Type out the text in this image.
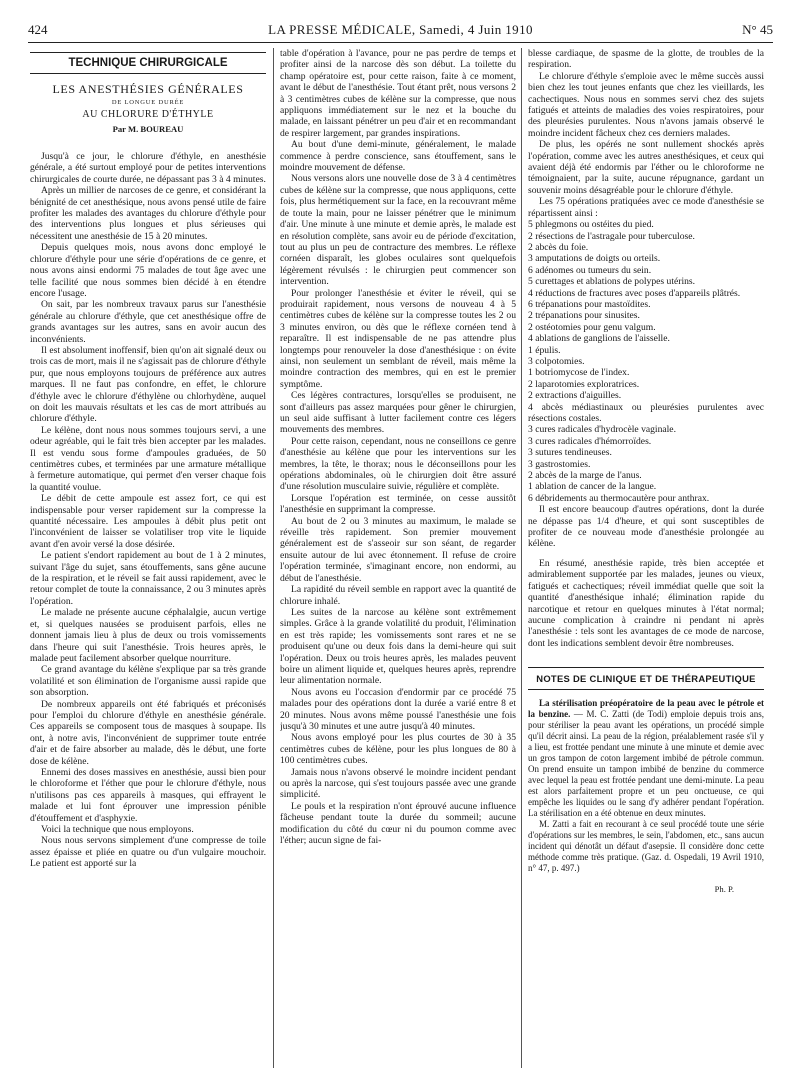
424	LA PRESSE MÉDICALE, Samedi, 4 Juin 1910	N° 45
TECHNIQUE CHIRURGICALE
LES ANESTHÉSIES GÉNÉRALES
DE LONGUE DURÉE
AU CHLORURE D'ÉTHYLE
Par M. BOUREAU

Jusqu'à ce jour, le chlorure d'éthyle, en anesthésie générale, a été surtout employé pour de petites interventions chirurgicales de courte durée, ne dépassant pas 3 à 4 minutes.

Après un millier de narcoses de ce genre, et considérant la bénignité de cet anesthésique, nous avons pensé utile de faire profiter les malades des avantages du chlorure d'éthyle pour des interventions plus longues et plus sérieuses qui nécessitent une anesthésie de 15 à 20 minutes.

Depuis quelques mois, nous avons donc employé le chlorure d'éthyle pour une série d'opérations de ce genre, et nous avons ainsi endormi 75 malades de tout âge avec une telle facilité que nous sommes bien décidé à en étendre encore l'usage.

On sait, par les nombreux travaux parus sur l'anesthésie générale au chlorure d'éthyle, que cet anesthésique offre de grands avantages sur les autres, sans en avoir aucun des inconvénients.

Il est absolument inoffensif, bien qu'on ait signalé deux ou trois cas de mort, mais il ne s'agissait pas de chlorure d'éthyle pur, que nous employons toujours de préférence aux autres marques. Il ne faut pas confondre, en effet, le chlorure d'éthyle avec le chlorure d'éthylène ou chlorhydène, auquel on doit les mauvais résultats et les cas de mort attribués au chlorure d'éthyle.

Le kélène, dont nous nous sommes toujours servi, a une odeur agréable, qui le fait très bien accepter par les malades. Il est vendu sous forme d'ampoules graduées, de 50 centimètres cubes, et terminées par une armature métallique à fermeture automatique, qui permet d'en verser chaque fois la quantité voulue.

Le débit de cette ampoule est assez fort, ce qui est indispensable pour verser rapidement sur la compresse la quantité nécessaire. Les ampoules à débit plus petit ont l'inconvénient de laisser se volatiliser trop vite le liquide avant d'en avoir versé la dose désirée.

Le patient s'endort rapidement au bout de 1 à 2 minutes, suivant l'âge du sujet, sans étouffements, sans gêne aucune de la respiration, et le réveil se fait aussi rapidement, avec le retour complet de toute la connaissance, 2 ou 3 minutes après l'opération.

Le malade ne présente aucune céphalalgie, aucun vertige et, si quelques nausées se produisent parfois, elles ne donnent jamais lieu à plus de deux ou trois vomissements dans l'heure qui suit l'anesthésie. Trois heures après, le malade peut facilement absorber quelque nourriture.

Ce grand avantage du kélène s'explique par sa très grande volatilité et son élimination de l'organisme aussi rapide que son absorption.

De nombreux appareils ont été fabriqués et préconisés pour l'emploi du chlorure d'éthyle en anesthésie générale. Ces appareils se composent tous de masques à soupape. Ils ont, à notre avis, l'inconvénient de supprimer toute entrée d'air et de faire absorber au malade, dès le début, une forte dose de kélène.

Ennemi des doses massives en anesthésie, aussi bien pour le chloroforme et l'éther que pour le chlorure d'éthyle, nous n'utilisons pas ces appareils à masques, qui effrayent le malade et lui font éprouver une impression pénible d'étouffement et d'asphyxie.

Voici la technique que nous employons.

Nous nous servons simplement d'une compresse de toile assez épaisse et pliée en quatre ou d'un vulgaire mouchoir. Le patient est apporté sur la

table d'opération à l'avance, pour ne pas perdre de temps et profiter ainsi de la narcose dès son début. La toilette du champ opératoire est, pour cette raison, faite à ce moment, avant le début de l'anesthésie. Tout étant prêt, nous versons 2 à 3 centimètres cubes de kélène sur la compresse, que nous appliquons immédiatement sur le nez et la bouche du malade, en laissant pénétrer un peu d'air et en recommandant de respirer largement, par grandes inspirations.

Au bout d'une demi-minute, généralement, le malade commence à perdre conscience, sans étouffement, sans le moindre mouvement de défense.

Nous versons alors une nouvelle dose de 3 à 4 centimètres cubes de kélène sur la compresse, que nous appliquons, cette fois, plus hermétiquement sur la face, en la recouvrant même de toute la main, pour ne laisser pénétrer que le minimum d'air. Une minute à une minute et demie après, le malade est en résolution complète, sans avoir eu de période d'excitation, tout au plus un peu de contracture des membres. Le réflexe cornéen disparaît, les globes oculaires sont quelquefois légèrement révulsés : le chirurgien peut commencer son intervention.

Pour prolonger l'anesthésie et éviter le réveil, qui se produirait rapidement, nous versons de nouveau 4 à 5 centimètres cubes de kélène sur la compresse toutes les 2 ou 3 minutes environ, ou dès que le réflexe cornéen tend à reparaître. Il est indispensable de ne pas attendre plus longtemps pour renouveler la dose d'anesthésique : on évite ainsi, non seulement un semblant de réveil, mais même la moindre contraction des membres, qui en est le premier symptôme.

Ces légères contractures, lorsqu'elles se produisent, ne sont d'ailleurs pas assez marquées pour gêner le chirurgien, un seul aide suffisant à lutter facilement contre ces légers mouvements des membres.

Pour cette raison, cependant, nous ne conseillons ce genre d'anesthésie au kélène que pour les interventions sur les membres, la tête, le thorax; nous le déconseillons pour les opérations abdominales, où le chirurgien doit être assuré d'une résolution musculaire suivie, régulière et complète.

Lorsque l'opération est terminée, on cesse aussitôt l'anesthésie en supprimant la compresse.

Au bout de 2 ou 3 minutes au maximum, le malade se réveille très rapidement. Son premier mouvement généralement est de s'asseoir sur son séant, de regarder ensuite autour de lui avec étonnement. Il refuse de croire l'opération terminée, s'imaginant encore, non endormi, au début de l'anesthésie.

La rapidité du réveil semble en rapport avec la quantité de chlorure inhalé.

Les suites de la narcose au kélène sont extrêmement simples. Grâce à la grande volatilité du produit, l'élimination en est très rapide; les vomissements sont rares et ne se produisent qu'une ou deux fois dans la demi-heure qui suit l'opération. Deux ou trois heures après, les malades peuvent boire un aliment liquide et, quelques heures après, reprendre leur alimentation normale.

Nous avons eu l'occasion d'endormir par ce procédé 75 malades pour des opérations dont la durée a varié entre 8 et 20 minutes. Nous avons même poussé l'anesthésie une fois jusqu'à 30 minutes et une autre jusqu'à 40 minutes.

Nous avons employé pour les plus courtes de 30 à 35 centimètres cubes de kélène, pour les plus longues de 80 à 100 centimètres cubes.

Jamais nous n'avons observé le moindre incident pendant ou après la narcose, qui s'est toujours passée avec une grande simplicité.

Le pouls et la respiration n'ont éprouvé aucune influence fâcheuse pendant toute la durée du sommeil; aucune modification du côté du cœur ni du poumon comme avec l'éther; aucun signe de fai-

blesse cardiaque, de spasme de la glotte, de troubles de la respiration.

Le chlorure d'éthyle s'emploie avec le même succès aussi bien chez les tout jeunes enfants que chez les vieillards, les cachectiques. Nous nous en sommes servi chez des sujets fatigués et atteints de maladies des voies respiratoires, pour des pleurésies purulentes. Nous n'avons jamais observé le moindre incident fâcheux chez ces derniers malades.

De plus, les opérés ne sont nullement shockés après l'opération, comme avec les autres anesthésiques, et ceux qui avaient déjà été endormis par l'éther ou le chloroforme ne témoignaient, par la suite, aucune répugnance, gardant un souvenir moins désagréable pour le chlorure d'éthyle.

Les 75 opérations pratiquées avec ce mode d'anesthésie se répartissent ainsi :

5 phlegmons ou ostéites du pied.

2 résections de l'astragale pour tuberculose.

2 abcès du foie.

3 amputations de doigts ou orteils.

6 adénomes ou tumeurs du sein.

5 curettages et ablations de polypes utérins.

4 réductions de fractures avec poses d'appareils plâtrés.

6 trépanations pour mastoïdites.

2 trépanations pour sinusites.

2 ostéotomies pour genu valgum.

4 ablations de ganglions de l'aisselle.

1 épulis.

3 colpotomies.

1 botriomycose de l'index.

2 laparotomies exploratrices.

2 extractions d'aiguilles.

4 abcès médiastinaux ou pleurésies purulentes avec résections costales.

3 cures radicales d'hydrocèle vaginale.

3 cures radicales d'hémorroïdes.

3 sutures tendineuses.

3 gastrostomies.

2 abcès de la marge de l'anus.

1 ablation de cancer de la langue.

6 débridements au thermocautère pour anthrax.

Il est encore beaucoup d'autres opérations, dont la durée ne dépasse pas 1/4 d'heure, et qui sont susceptibles de profiter de ce nouveau mode d'anesthésie prolongée au kélène.

En résumé, anesthésie rapide, très bien acceptée et admirablement supportée par les malades, jeunes ou vieux, fatigués et cachectiques; réveil immédiat quelle que soit la quantité d'anesthésique inhalé; élimination rapide du narcotique et retour en quelques minutes à l'état normal; aucune complication à craindre ni pendant ni après l'anesthésie : tels sont les avantages de ce mode de narcose, dont les indications semblent devoir être nombreuses.

NOTES DE CLINIQUE ET DE THÉRAPEUTIQUE

La stérilisation préopératoire de la peau avec le pétrole et la benzine. — M. C. Zatti (de Todi) emploie depuis trois ans, pour stériliser la peau avant les opérations, un procédé simple qu'il décrit ainsi. La peau de la région, préalablement rasée s'il y a lieu, est frottée pendant une minute à une minute et demie avec un gros tampon de coton largement imbibé de pétrole commun. On prend ensuite un tampon imbibé de benzine du commerce avec lequel la peau est frottée pendant une demi-minute. La peau est alors parfaitement propre et un peu onctueuse, ce qui empêche les liquides ou le sang d'y adhérer pendant l'opération. La stérilisation en a été obtenue en deux minutes.

M. Zatti a fait en recourant à ce seul procédé toute une série d'opérations sur les membres, le sein, l'abdomen, etc., sans aucun incident qui dénotât un défaut d'asepsie. Il considère donc cette méthode comme très pratique. (Gaz. d. Ospedali, 19 Avril 1910, n° 47, p. 497.)

Ph. P.
